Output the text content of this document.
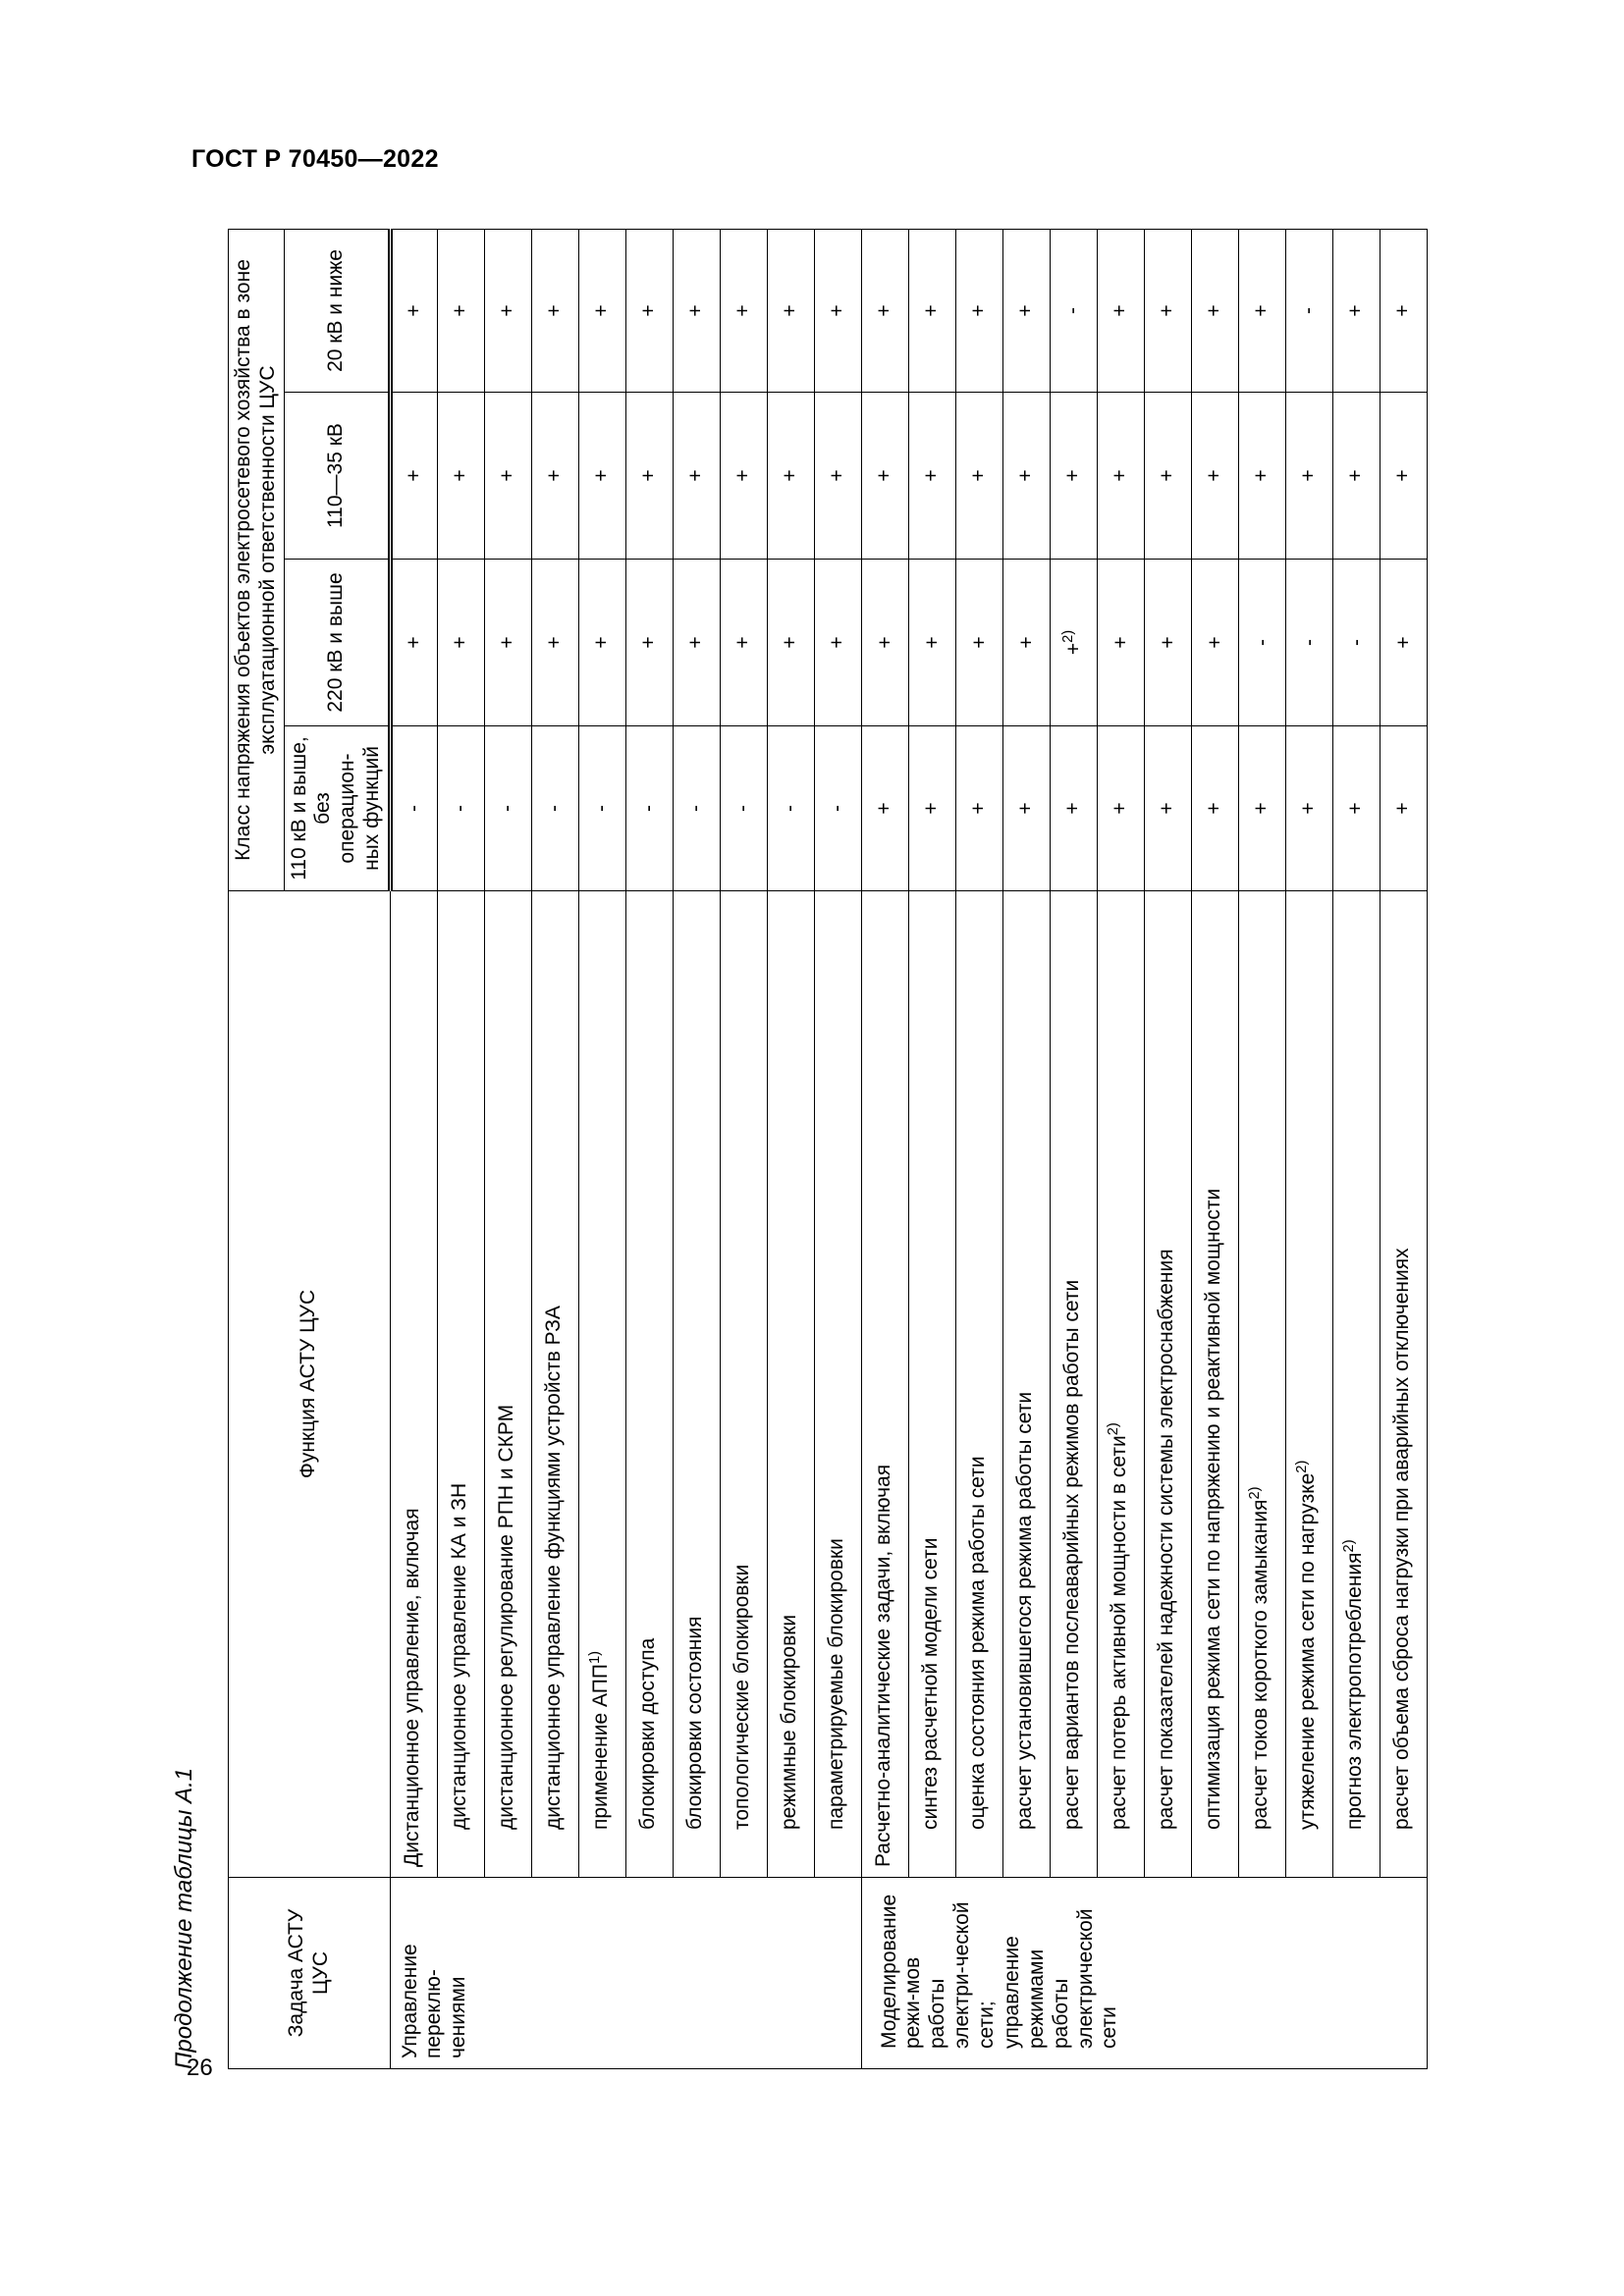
ГОСТ Р 70450—2022
Продолжение таблицы А.1	Задача АСТУ ЦУС	Функция АСТУ ЦУС	Класс напряжения объектов электросетевого хозяйства в зоне эксплуатационной ответственности ЦУС			
		110 кВ и выше, без операцион-ных функций	220 кВ и выше	110—35 кВ	20 кВ и ниже
Управление переклю-чениями	Дистанционное управление, включая	-	+	+	+
	дистанционное управление КА и ЗН	-	+	+	+
	дистанционное регулирование РПН и СКРМ	-	+	+	+
	дистанционное управление функциями устройств РЗА	-	+	+	+
	применение АПП$^{1)}$	-	+	+	+
	блокировки доступа	-	+	+	+
	блокировки состояния	-	+	+	+
	топологические блокировки	-	+	+	+
	режимные блокировки	-	+	+	+
	параметрируемые блокировки	-	+	+	+

Моделирование режи-мов работы электри-ческой сети; управление режимами работы электрической сети	Расчетно-аналитические задачи, включая	+	+	+	+
	синтез расчетной модели сети	+	+	+	+
	оценка состояния режима работы сети	+	+	+	+
	расчет установившегося режима работы сети	+	+	+	+
	расчет вариантов послеаварийных режимов работы сети	+	+$^{2)}$	+	-
	расчет потерь активной мощности в сети$^{2)}$	+	+	+	+
	расчет показателей надежности системы электроснабжения	+	+	+	+
	оптимизация режима сети по напряжению и реактивной мощности	+	+	+	+
	расчет токов короткого замыкания$^{2)}$	+	-	+	+
	утяжеление режима сети по нагрузке$^{2)}$	+	-	+	-
	прогноз электропотребления$^{2)}$	+	-	+	+
	расчет объема сброса нагрузки при аварийных отключениях	+	+	+	+
26
